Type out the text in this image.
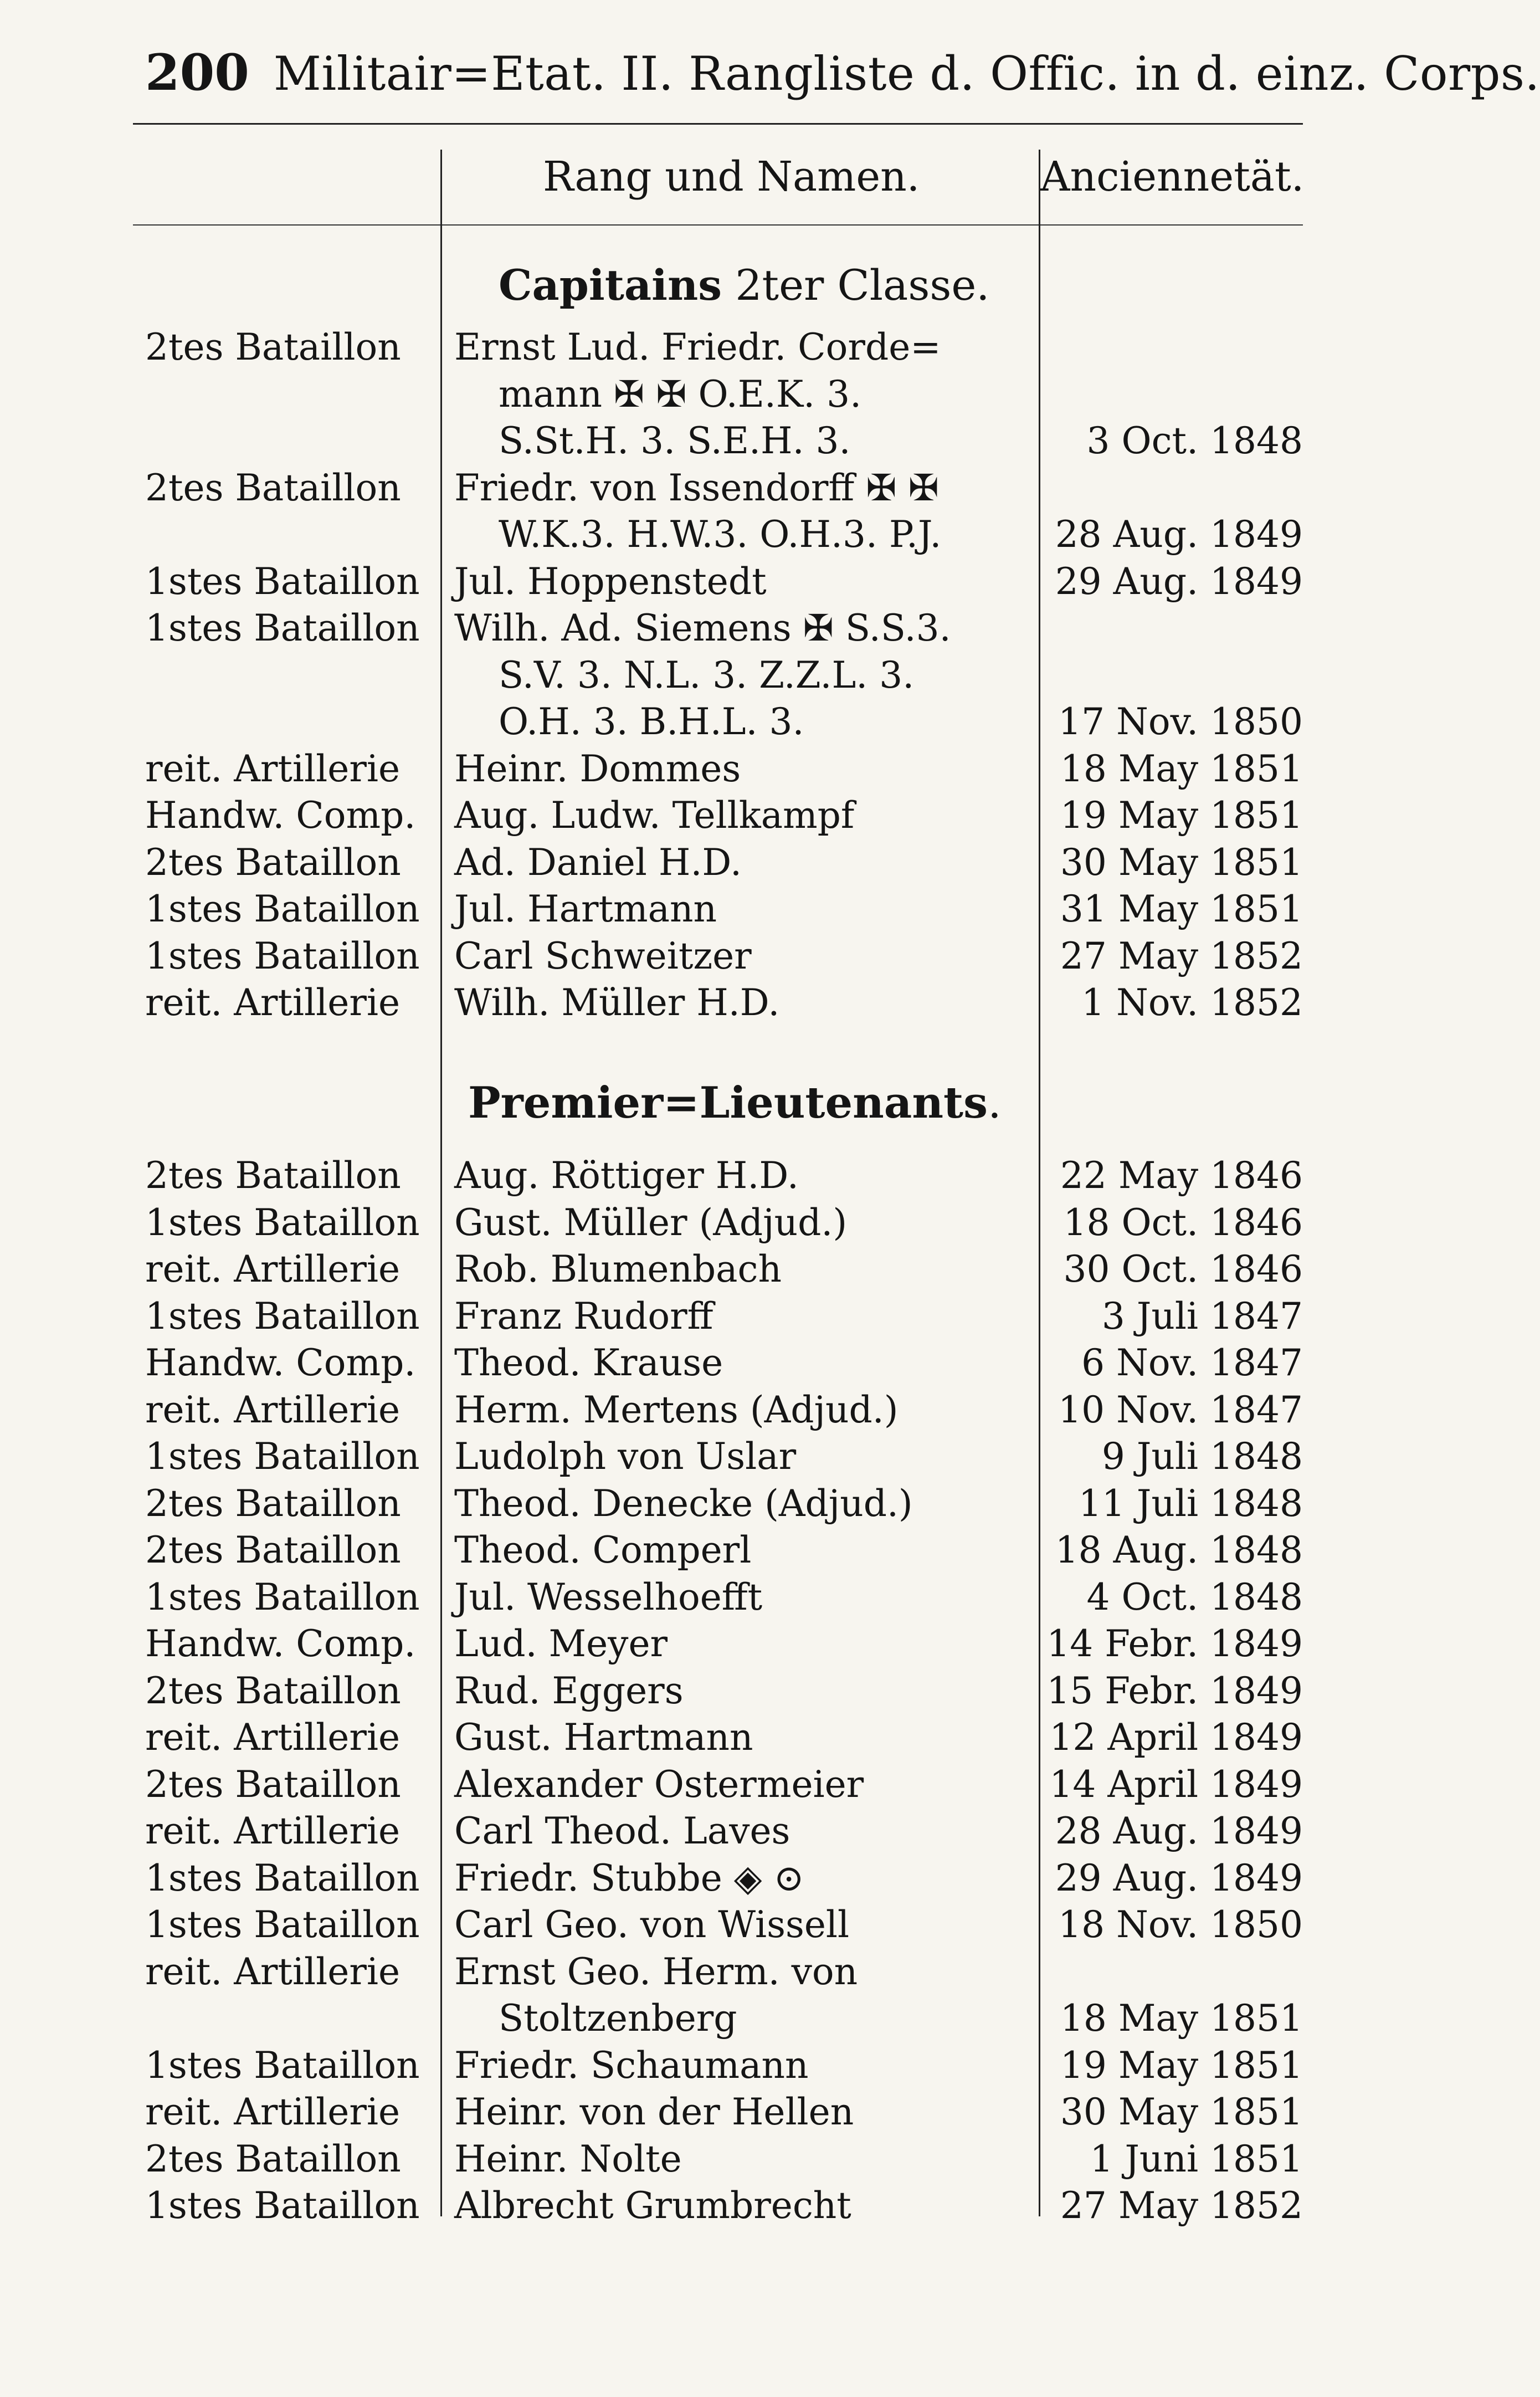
200 Militair=Etat. II. Rangliste d. Offic. in d. einz. Corps.
Rang und Namen.	Anciennetät.
Capitains 2ter Classe.
2tes Bataillon	Ernst Lud. Friedr. Corde=
mann ✠ ✠ O.E.K. 3.
S.St.H. 3. S.E.H. 3.	3 Oct. 1848
2tes Bataillon	Friedr. von Issendorff ✠ ✠
W.K.3. H.W.3. O.H.3. P.J.	28 Aug. 1849
1stes Bataillon Jul. Hoppenstedt	29 Aug. 1849
1stes Bataillon Wilh. Ad. Siemens ✠ S.S.3.
S.V. 3. N.L. 3. Z.Z.L. 3.
O.H. 3. B.H.L. 3.	17 Nov. 1850
reit. Artillerie	Heinr. Dommes	18 May 1851
Handw. Comp. Aug. Ludw. Tellkampf	19 May 1851
2tes Bataillon	Ad. Daniel H.D.	30 May 1851
1stes Bataillon Jul. Hartmann	31 May 1851
1stes Bataillon Carl Schweitzer	27 May 1852
reit. Artillerie	Wilh. Müller H.D.	1 Nov. 1852
Premier=Lieutenants.
2tes Bataillon	Aug. Röttiger H.D.	22 May 1846
1stes Bataillon Gust. Müller (Adjud.)	18 Oct. 1846
reit. Artillerie	Rob. Blumenbach	30 Oct. 1846
1stes Bataillon Franz Rudorff	3 Juli 1847
Handw. Comp. Theod. Krause	6 Nov. 1847
reit. Artillerie	Herm. Mertens (Adjud.)	10 Nov. 1847
1stes Bataillon Ludolph von Uslar	9 Juli 1848
2tes Bataillon	Theod. Denecke (Adjud.)	11 Juli 1848
2tes Bataillon	Theod. Comperl	18 Aug. 1848
1stes Bataillon Jul. Wesselhoefft	4 Oct. 1848
Handw. Comp. Lud. Meyer	14 Febr. 1849
2tes Bataillon	Rud. Eggers	15 Febr. 1849
reit. Artillerie	Gust. Hartmann	12 April 1849
2tes Bataillon	Alexander Ostermeier	14 April 1849
reit. Artillerie	Carl Theod. Laves	28 Aug. 1849
1stes Bataillon Friedr. Stubbe ◈ ⊙	29 Aug. 1849
1stes Bataillon Carl Geo. von Wissell	18 Nov. 1850
reit. Artillerie	Ernst Geo. Herm. von
Stoltzenberg	18 May 1851
1stes Bataillon Friedr. Schaumann	19 May 1851
reit. Artillerie	Heinr. von der Hellen	30 May 1851
2tes Bataillon	Heinr. Nolte	1 Juni 1851
1stes Bataillon Albrecht Grumbrecht	27 May 1852
